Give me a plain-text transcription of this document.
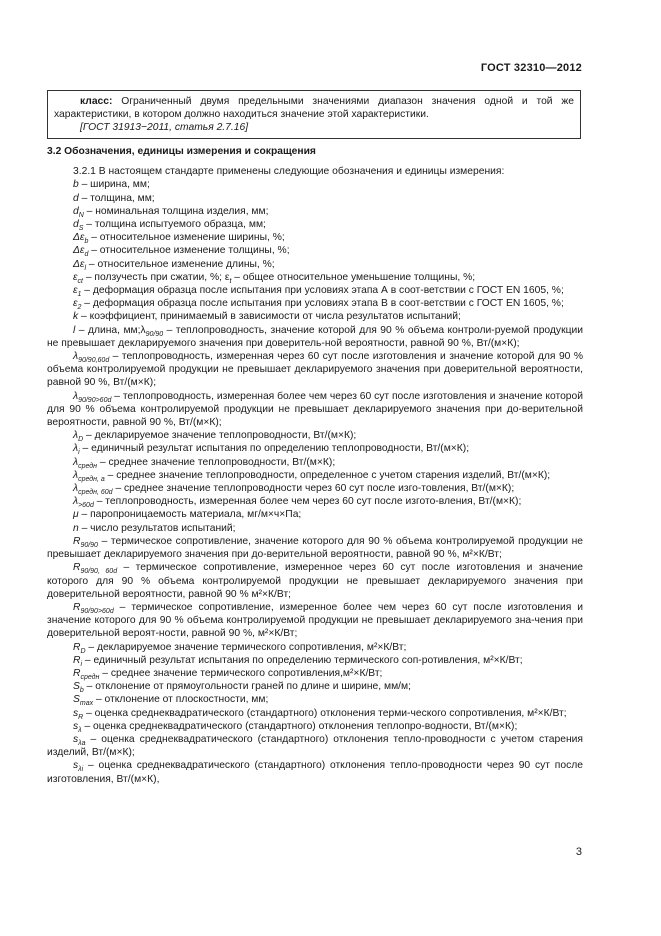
ГОСТ 32310—2012
класс: Ограниченный двумя предельными значениями диапазон значения одной и той же характеристики, в котором должно находиться значение этой характеристики.
[ГОСТ 31913−2011, статья 2.7.16]
3.2 Обозначения, единицы измерения и сокращения

3.2.1 В настоящем стандарте применены следующие обозначения и единицы измерения:

b – ширина, мм;

d – толщина, мм;

$d_N$ – номинальная толщина изделия, мм;

$d_S$ – толщина испытуемого образца, мм;

$\Delta\varepsilon_b$ – относительное изменение ширины, %;

$\Delta\varepsilon_d$ – относительное изменение толщины, %;

$\Delta\varepsilon_l$ – относительное изменение длины, %;

$\varepsilon_{ct}$ – ползучесть при сжатии, %; $\varepsilon_t$ – общее относительное уменьшение толщины, %;

$\varepsilon_1$ – деформация образца после испытания при условиях этапа А в соот-ветствии с ГОСТ EN 1605, %;

$\varepsilon_2$ – деформация образца после испытания при условиях этапа В в соот-ветствии с ГОСТ EN 1605, %;

k – коэффициент, принимаемый в зависимости от числа результатов испытаний;

l – длина, $мм;\lambda_{90/90}$ – теплопроводность, значение которой для 90 % объема контроли-руемой продукции не превышает декларируемого значения при доверитель-ной вероятности, равной 90 %, Вт/(м×К);

$\lambda_{90/90,60d}$ – теплопроводность, измеренная через 60 сут после изготовления и значение которой для 90 % объема контролируемой продукции не превышает декларируемого значения при доверительной вероятности, равной 90 %, Вт/(м×К);

$\lambda_{90/90>60d}$ – теплопроводность, измеренная более чем через 60 сут после изготовления и значение которой для 90 % объема контролируемой продукции не превышает декларируемого значения при до-верительной вероятности, равной 90 %, Вт/(м×К);

$\lambda_D$ – декларируемое значение теплопроводности, Вт/(м×К);

$\lambda_i$ – единичный результат испытания по определению теплопроводности, Вт/(м×К);

$\lambda_{средн}$ – среднее значение теплопроводности, Вт/(м×К);

$\lambda_{средн, a}$ – среднее значение теплопроводности, определенное с учетом старения изделий, Вт/(м×К);

$\lambda_{средн, 60d}$ – среднее значение теплопроводности через 60 сут после изго-товления, Вт/(м×К);

$\lambda_{>60d}$ – теплопроводность, измеренная более чем через 60 сут после изгото-вления, Вт/(м×К);

μ – паропроницаемость материала, мг/м×ч×Па;

n – число результатов испытаний;

$R_{90/90}$ – термическое сопротивление, значение которого для 90 % объема контролируемой продукции не превышает декларируемого значения при до-верительной вероятности, равной 90 %, м²×К/Вт;

$R_{90/90, 60d}$ – термическое сопротивление, измеренное через 60 сут после изготовления и значение которого для 90 % объема контролируемой продукции не превышает декларируемого значения при доверительной вероятности, равной 90 % м²×К/Вт;

$R_{90/90>60d}$ – термическое сопротивление, измеренное более чем через 60 сут после изготовления и значение которого для 90 % объема контролируемой продукции не превышает декларируемого зна-чения при доверительной вероят-ности, равной 90 %, м²×К/Вт;

$R_D$ – декларируемое значение термического сопротивления, м²×К/Вт;

$R_i$ – единичный результат испытания по определению термического соп-ротивления, м²×К/Вт;

$R_{средн}$ – среднее значение термического сопротивления,м²×К/Вт;

$S_b$ – отклонение от прямоугольности граней по длине и ширине, мм/м;

$S_{max}$ – отклонение от плоскостности, мм;

$s_R$ – оценка среднеквадратического (стандартного) отклонения терми-ческого сопротивления, м²×К/Вт;

$s_\lambda$ – оценка среднеквадратического (стандартного) отклонения теплопро-водности, Вт/(м×К);

$s_{\lambda a}$ – оценка среднеквадратического (стандартного) отклонения тепло-проводности с учетом старения изделий, Вт/(м×К);

$s_{\lambda i}$ – оценка среднеквадратического (стандартного) отклонения тепло-проводности через 90 сут после изготовления, Вт/(м×К),

3
